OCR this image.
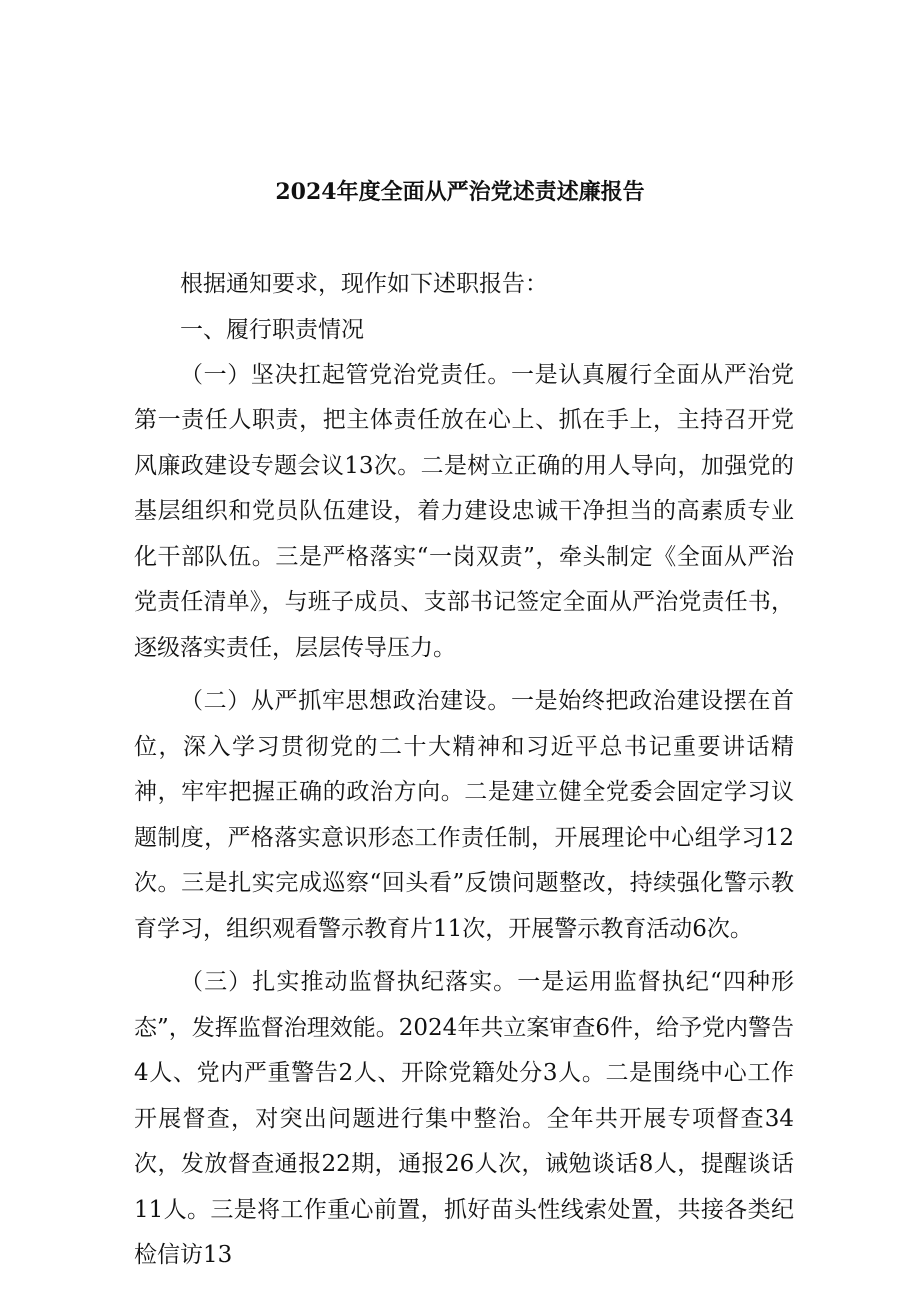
2024年度全面从严治党述责述廉报告

根据通知要求，现作如下述职报告：

一、履行职责情况

（一）坚决扛起管党治党责任。一是认真履行全面从严治党第一责任人职责，把主体责任放在心上、抓在手上，主持召开党风廉政建设专题会议13次。二是树立正确的用人导向，加强党的基层组织和党员队伍建设，着力建设忠诚干净担当的高素质专业化干部队伍。三是严格落实“一岗双责”，牵头制定《全面从严治党责任清单》，与班子成员、支部书记签定全面从严治党责任书，逐级落实责任，层层传导压力。

（二）从严抓牢思想政治建设。一是始终把政治建设摆在首位，深入学习贯彻党的二十大精神和习近平总书记重要讲话精神，牢牢把握正确的政治方向。二是建立健全党委会固定学习议题制度，严格落实意识形态工作责任制，开展理论中心组学习12次。三是扎实完成巡察“回头看”反馈问题整改，持续强化警示教育学习，组织观看警示教育片11次，开展警示教育活动6次。

（三）扎实推动监督执纪落实。一是运用监督执纪“四种形态”，发挥监督治理效能。2024年共立案审查6件，给予党内警告4人、党内严重警告2人、开除党籍处分3人。二是围绕中心工作开展督查，对突出问题进行集中整治。全年共开展专项督查34次，发放督查通报22期，通报26人次，诫勉谈话8人，提醒谈话11人。三是将工作重心前置，抓好苗头性线索处置，共接各类纪检信访13
